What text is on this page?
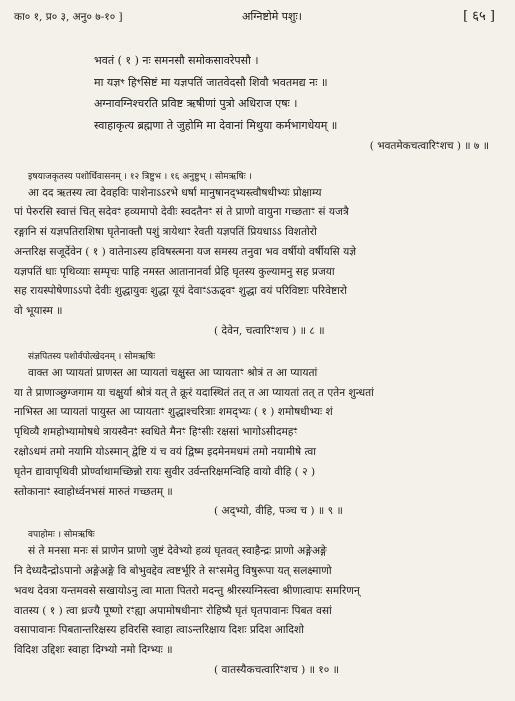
का० १, प्र० ३, अनु० ७-१० ]	अग्निष्टोमे पशुः।	[ ६५ ]
भवतं ( १ ) नः समनसौ समोकसावरेपसौ ।
मा यज्ञꣳ हिꣳसिष्टं मा यज्ञपतिं जातवेदसौ शिवौ भवतमद्य नः ॥
अग्नावग्निश्चरति प्रविष्ट ऋषीणां पुत्रो अधिराज एषः ।
स्वाहाकृत्य ब्रह्मणा ते जुहोमि मा देवानां मिथुया कर्मभागधेयम् ॥
( भवतमेकचत्वारिꣳशच ) ॥ ७ ॥
इषयाजकृतस्य पशोर्धिवासनम् । १२ त्रिष्टुभ । १६ अनुष्टुभ् । सोमऋषिः ।
आ दद ऋतस्य त्वा देवहविः पाशेनाऽऽरभे धर्षा मानुषानद्भ्यस्त्वौषधीभ्यः प्रोक्षाम्य
पां पेरुरसि स्वात्तं चित् सदेवꣳ हव्यमापो देवीः स्वदतैनꣳ सं ते प्राणो वायुना गच्छताꣳ सं यजत्रै
रङ्गानि सं यज्ञपतिराशिषा घृतेनाक्तौ पशुं त्रायेथाꣳ रेवती यज्ञपतिं प्रियधाऽऽ विशतोरो
अन्तरिक्ष सजूर्देवेन ( १ ) वातेनाऽस्य हविषस्त्मना यज समस्य तनुवा भव वर्षीयो वर्षीयसि यज्ञे
यज्ञपतिं धाः पृथिव्याः सम्पृचः पाहि नमस्त आतानानर्वा प्रेहि घृतस्य कुल्यामनु सह प्रजया
सह रायस्पोषेणाऽऽपो देवीः शुद्धायुवः शुद्धा यूयं देवाꣳऽऊढ्वꣳ शुद्धा वयं परिविष्टाः परिवेष्टारो
वो भूयास्म ॥
( देवेन, चत्वारिꣳशच ) ॥ ८ ॥
संज्ञपितस्य पशोर्वपोत्खेदनम् । सोमऋषिः
वाक्त आ प्यायतां प्राणस्त आ प्यायतां चक्षुस्त आ प्यायताꣳ श्रोत्रं त आ प्यायतां
या ते प्राणाञ्छुग्जगाम या चक्षुर्या श्रोत्रं यत् ते क्रूरं यदास्थितं तत् त आ प्यायतां तत् त एतेन शुन्धतां
नाभिस्त आ प्यायतां पायुस्त आ प्यायताꣳ शुद्धाश्चरित्राः शमद्भ्यः ( १ ) शमोषधीभ्यः शं
पृथिव्यै शमहोभ्यामोषधे त्रायस्वैनꣳ स्वधिते मैनꣳ हिꣳसीः रक्षसां भागोऽसीदमहꣳ
रक्षोऽधमं तमो नयामि योऽस्मान् द्वेष्टि यं च वयं द्विष्म इदमेनमधमं तमो नयामीषे त्वा
घृतेन द्यावापृथिवी प्रोर्ण्वाथामच्छिन्नो रायः सुवीर उर्वन्तरिक्षमन्विहि वायो वीहि ( २ )
स्तोकानाꣳ स्वाहोर्ध्वनभसं मारुतं गच्छतम् ॥
( अद्भ्यो, वीहि, पञ्च च ) ॥ ९ ॥
वपाहोमः । सोमऋषिः
सं ते मनसा मनः सं प्राणेन प्राणो जुष्टं देवेभ्यो हव्यं घृतवत् स्वाहैन्द्रः प्राणो अङ्गेअङ्गे
नि देध्यदैन्द्रोऽपानो अङ्गेअङ्गे वि बोभुवद्देव त्वष्टर्भूरि ते सꣳसमेतु विषुरूपा यत् सलक्ष्माणो
भवथ देवत्रा यन्तमवसे सखायोऽनु त्वा माता पितरो मदन्तु श्रीरस्यग्निस्त्वा श्रीणात्वापः समरिणन्
वातस्य ( १ ) त्वा ध्रज्यै पूष्णो रꣳह्या अपामोषधीनाꣳ रोहिष्यै घृतं घृतपावानः पिबत वसां
वसापावानः पिबतान्तरिक्षस्य हविरसि स्वाहा त्वाऽन्तरिक्षाय दिशः प्रदिश आदिशो
विदिश उद्दिशः स्वाहा दिग्भ्यो नमो दिग्भ्यः ॥
( वातस्यैकचत्वारिꣳशच ) ॥ १० ॥
